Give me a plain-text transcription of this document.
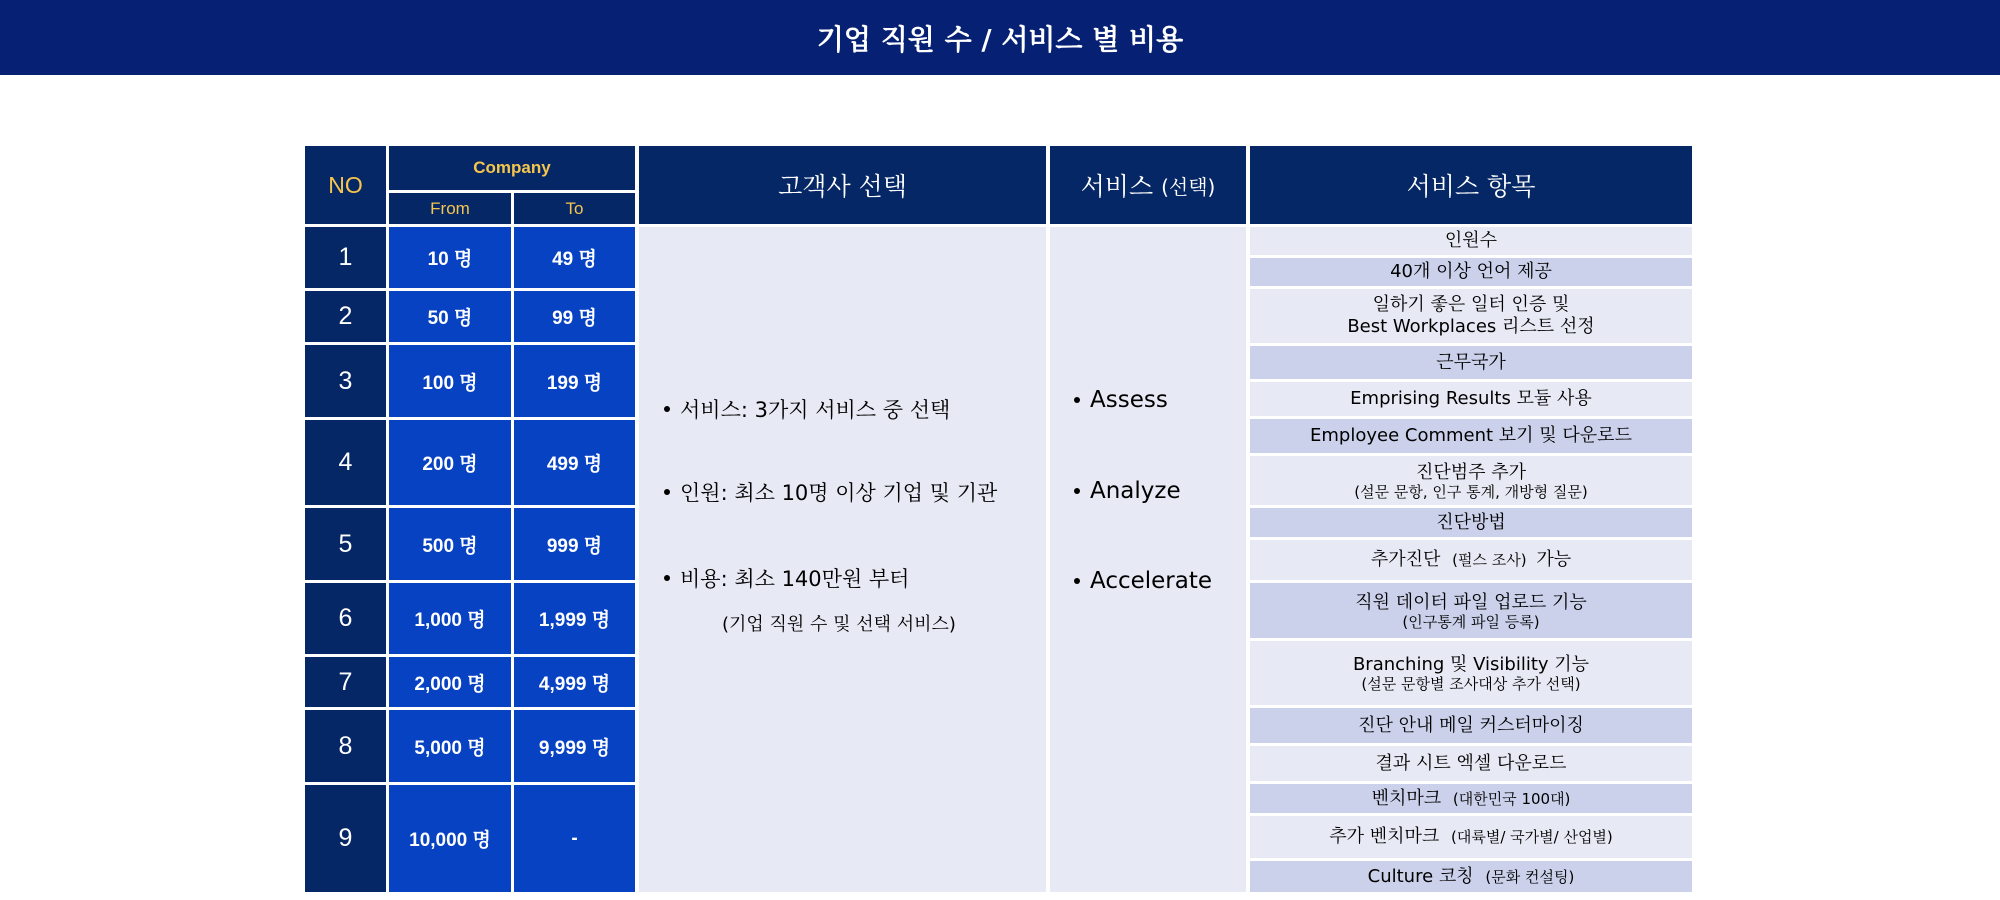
기업 직원 수 / 서비스 별 비용
NO
Company
From	To
고객사 선택	서비스 (선택)	서비스 항목
1	10 명	49 명
2	50 명	99 명
3	100 명	199 명
4	200 명	499 명
5	500 명	999 명
6	1,000 명	1,999 명
7	2,000 명	4,999 명
8	5,000 명	9,999 명
9	10,000 명	-
서비스: 3가지 서비스 중 선택
인원: 최소 10명 이상 기업 및 기관
비용: 최소 140만원 부터
(기업 직원 수 및 선택 서비스)
Assess
Analyze
Accelerate
인원수
40개 이상 언어 제공
일하기 좋은 일터 인증 및
Best Workplaces 리스트 선정
근무국가
Emprising Results 모듈 사용
Employee Comment 보기 및 다운로드
진단범주 추가
(설문 문항, 인구 통계, 개방형 질문)
진단방법
추가진단 (펄스 조사) 가능
직원 데이터 파일 업로드 기능
(인구통계 파일 등록)
Branching 및 Visibility 기능
(설문 문항별 조사대상 추가 선택)
진단 안내 메일 커스터마이징
결과 시트 엑셀 다운로드
벤치마크 (대한민국 100대)
추가 벤치마크 (대륙별/ 국가별/ 산업별)
Culture 코칭 (문화 컨설팅)
